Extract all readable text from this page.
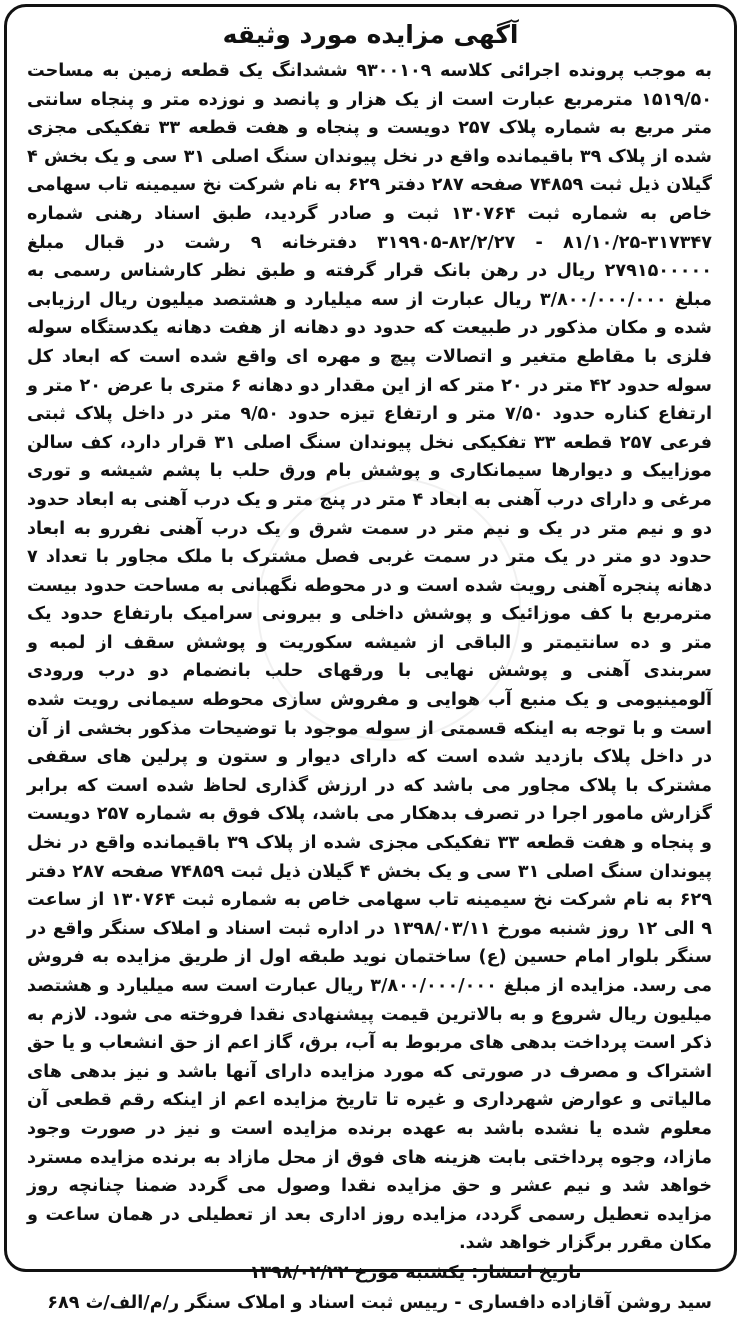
آگهی مزایده مورد وثیقه

به موجب پرونده اجرائی کلاسه ۹۳۰۰۱۰۹ ششدانگ یک قطعه زمین به مساحت ۱۵۱۹/۵۰ مترمربع عبارت است از یک هزار و پانصد و نوزده متر و پنجاه سانتی متر مربع به شماره پلاک ۲۵۷ دویست و پنجاه و هفت قطعه ۳۳ تفکیکی مجزی شده از پلاک ۳۹ باقیمانده واقع در نخل پیوندان سنگ اصلی ۳۱ سی و یک بخش ۴ گیلان ذیل ثبت ۷۴۸۵۹ صفحه ۲۸۷ دفتر ۶۲۹ به نام شرکت نخ سیمینه تاب سهامی خاص به شماره ثبت ۱۳۰۷۶۴ ثبت و صادر گردید، طبق اسناد رهنی شماره ۳۱۷۳۴۷-۸۱/۱۰/۲۵ - ۸۲/۲/۲۷-۳۱۹۹۰۵ دفترخانه ۹ رشت در قبال مبلغ ۲۷۹۱۵۰۰۰۰۰ ریال در رهن بانک قرار گرفته و طبق نظر کارشناس رسمی به مبلغ ۳/۸۰۰/۰۰۰/۰۰۰ ریال عبارت از سه میلیارد و هشتصد میلیون ریال ارزیابی شده و مکان مذکور در طبیعت که حدود دو دهانه از هفت دهانه یکدستگاه سوله فلزی با مقاطع متغیر و اتصالات پیچ و مهره ای واقع شده است که ابعاد کل سوله حدود ۴۲ متر در ۲۰ متر که از این مقدار دو دهانه ۶ متری با عرض ۲۰ متر و ارتفاع کناره حدود ۷/۵۰ متر و ارتفاع تیزه حدود ۹/۵۰ متر در داخل پلاک ثبتی فرعی ۲۵۷ قطعه ۳۳ تفکیکی نخل پیوندان سنگ اصلی ۳۱ قرار دارد، کف سالن موزاییک و دیوارها سیمانکاری و پوشش بام ورق حلب با پشم شیشه و توری مرغی و دارای درب آهنی به ابعاد ۴ متر در پنج متر و یک درب آهنی به ابعاد حدود دو و نیم متر در یک و نیم متر در سمت شرق و یک درب آهنی نفررو به ابعاد حدود دو متر در یک متر در سمت غربی فصل مشترک با ملک مجاور با تعداد ۷ دهانه پنجره آهنی رویت شده است و در محوطه نگهبانی به مساحت حدود بیست مترمربع با کف موزائیک و پوشش داخلی و بیرونی سرامیک بارتفاع حدود یک متر و ده سانتیمتر و الباقی از شیشه سکوریت و پوشش سقف از لمبه و سربندی آهنی و پوشش نهایی با ورقهای حلب بانضمام دو درب ورودی آلومینیومی و یک منبع آب هوایی و مفروش سازی محوطه سیمانی رویت شده است و با توجه به اینکه قسمتی از سوله موجود با توضیحات مذکور بخشی از آن در داخل پلاک بازدید شده است که دارای دیوار و ستون و پرلین های سقفی مشترک با پلاک مجاور می باشد که در ارزش گذاری لحاظ شده است که برابر گزارش مامور اجرا در تصرف بدهکار می باشد، پلاک فوق به شماره ۲۵۷ دویست و پنجاه و هفت قطعه ۳۳ تفکیکی مجزی شده از پلاک ۳۹ باقیمانده واقع در نخل پیوندان سنگ اصلی ۳۱ سی و یک بخش ۴ گیلان ذیل ثبت ۷۴۸۵۹ صفحه ۲۸۷ دفتر ۶۲۹ به نام شرکت نخ سیمینه تاب سهامی خاص به شماره ثبت ۱۳۰۷۶۴ از ساعت ۹ الی ۱۲ روز شنبه مورخ ۱۳۹۸/۰۳/۱۱ در اداره ثبت اسناد و املاک سنگر واقع در سنگر بلوار امام حسین (ع) ساختمان نوید طبقه اول از طریق مزایده به فروش می رسد. مزایده از مبلغ ۳/۸۰۰/۰۰۰/۰۰۰ ریال عبارت است سه میلیارد و هشتصد میلیون ریال شروع و به بالاترین قیمت پیشنهادی نقدا فروخته می شود. لازم به ذکر است پرداخت بدهی های مربوط به آب، برق، گاز اعم از حق انشعاب و یا حق اشتراک و مصرف در صورتی که مورد مزایده دارای آنها باشد و نیز بدهی های مالیاتی و عوارض شهرداری و غیره تا تاریخ مزایده اعم از اینکه رقم قطعی آن معلوم شده یا نشده باشد به عهده برنده مزایده است و نیز در صورت وجود مازاد، وجوه پرداختی بابت هزینه های فوق از محل مازاد به برنده مزایده مسترد خواهد شد و نیم عشر و حق مزایده نقدا وصول می گردد ضمنا چنانچه روز مزایده تعطیل رسمی گردد، مزایده روز اداری بعد از تعطیلی در همان ساعت و مکان مقرر برگزار خواهد شد.

تاریخ انتشار: یکشنبه مورخ ۱۳۹۸/۰۲/۲۲

سید روشن آقازاده دافساری - رییس ثبت اسناد و املاک سنگر ر/م/الف/ث ۶۸۹
